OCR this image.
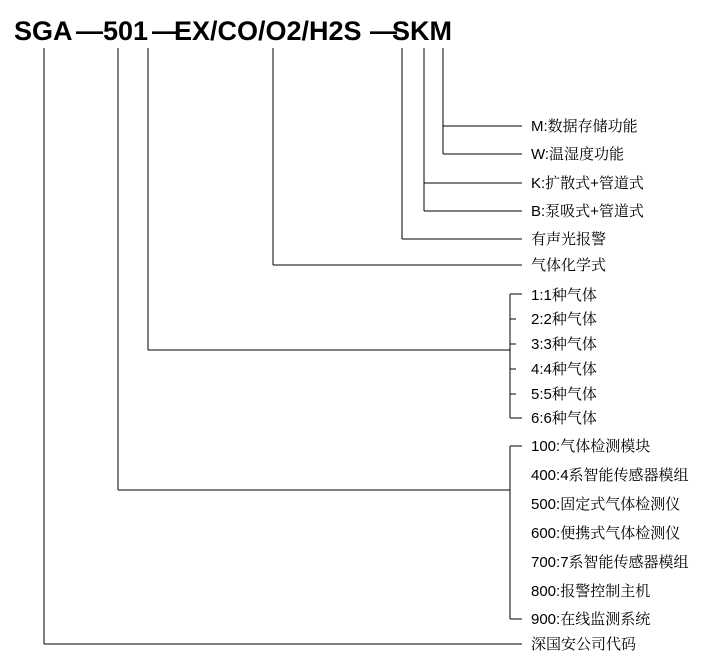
SGA — 501 —
EX/CO/O2/H2S —
SKM
M:数据存储功能
W:温湿度功能
K:扩散式+管道式
B:泵吸式+管道式
有声光报警
气体化学式
1:1种气体
2:2种气体
3:3种气体
4:4种气体
5:5种气体
6:6种气体
100:气体检测模块
400:4系智能传感器模组
500:固定式气体检测仪
600:便携式气体检测仪
700:7系智能传感器模组
800:报警控制主机
900:在线监测系统
深国安公司代码
